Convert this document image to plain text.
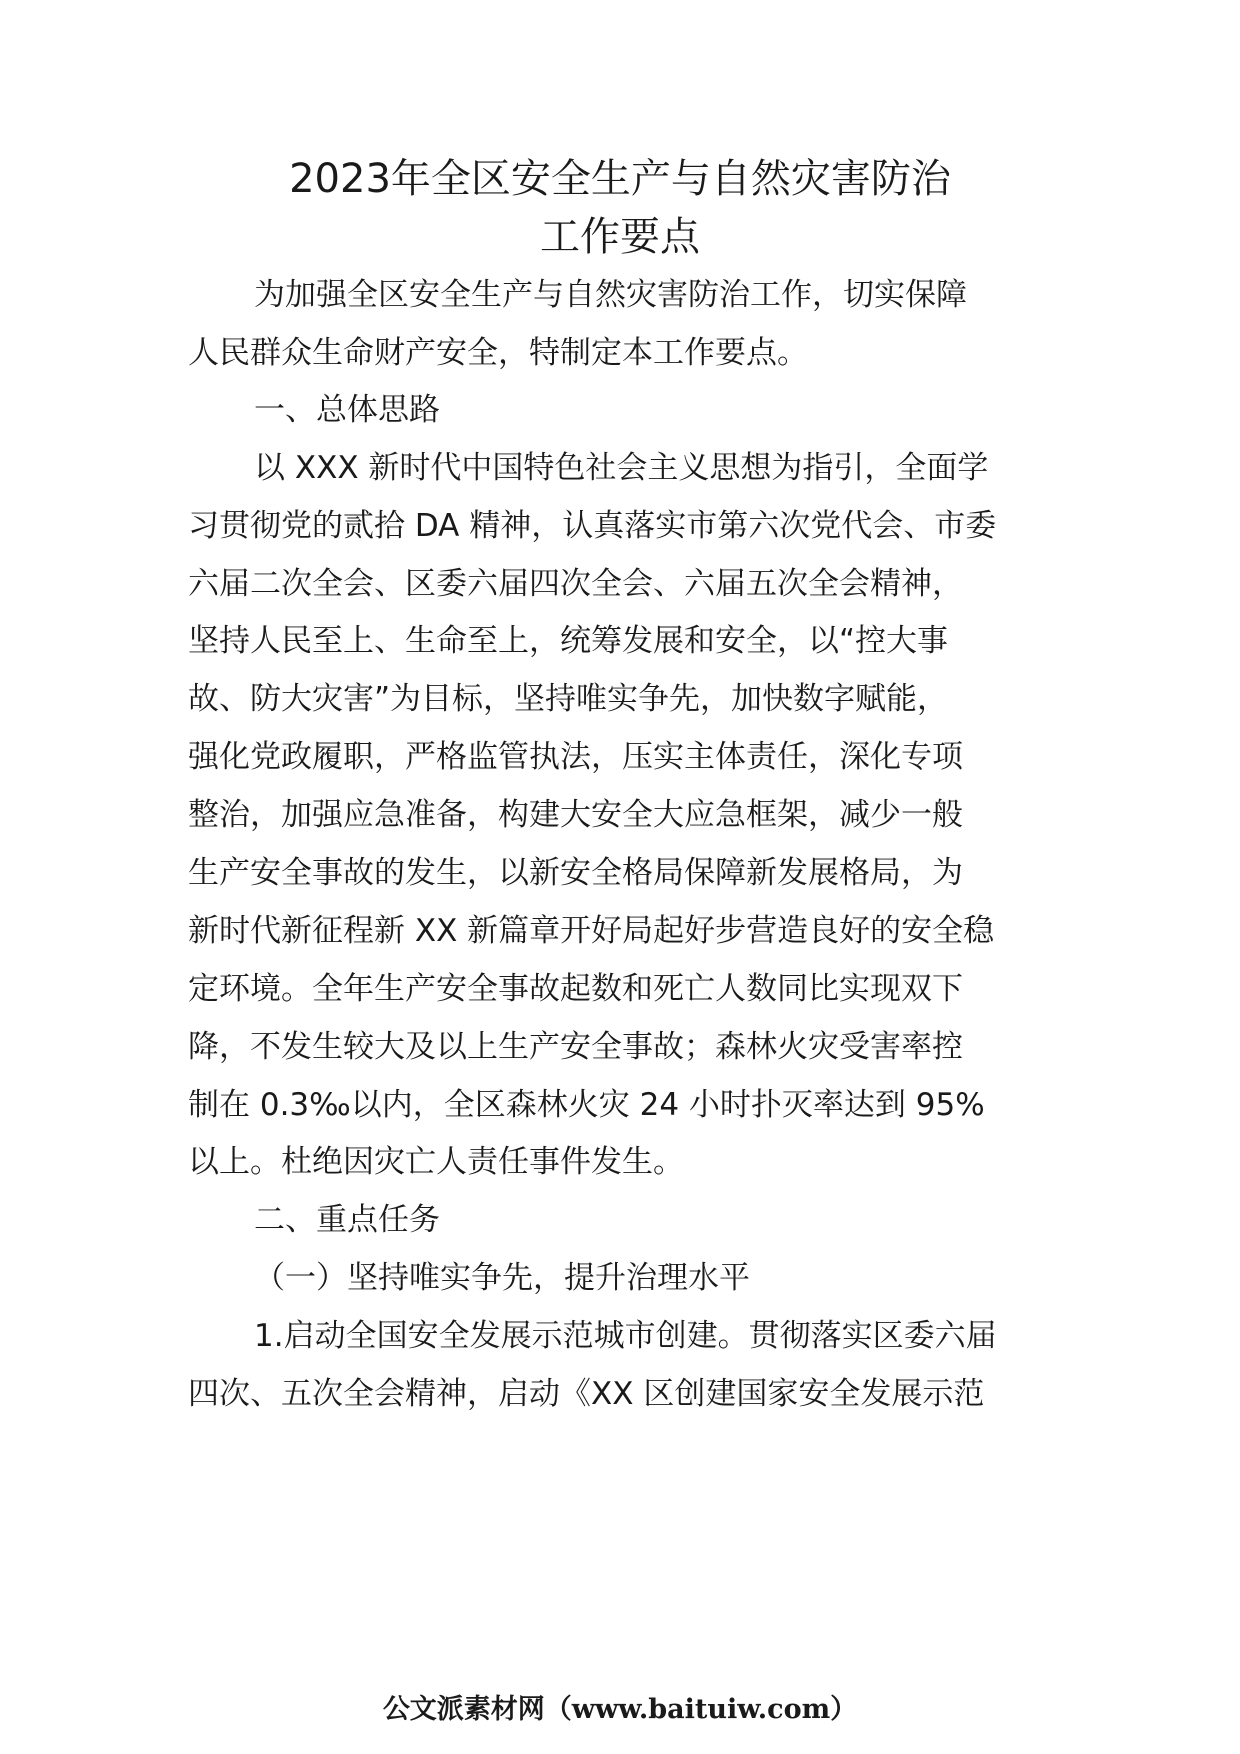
2023年全区安全生产与自然灾害防治
工作要点

为加强全区安全生产与自然灾害防治工作，切实保障

人民群众生命财产安全，特制定本工作要点。

一、总体思路

以 XXX 新时代中国特色社会主义思想为指引，全面学

习贯彻党的贰拾 DA 精神，认真落实市第六次党代会、市委

六届二次全会、区委六届四次全会、六届五次全会精神，

坚持人民至上、生命至上，统筹发展和安全，以“控大事

故、防大灾害”为目标，坚持唯实争先，加快数字赋能，

强化党政履职，严格监管执法，压实主体责任，深化专项

整治，加强应急准备，构建大安全大应急框架，减少一般

生产安全事故的发生，以新安全格局保障新发展格局，为

新时代新征程新 XX 新篇章开好局起好步营造良好的安全稳

定环境。全年生产安全事故起数和死亡人数同比实现双下

降，不发生较大及以上生产安全事故；森林火灾受害率控

制在 0.3‰以内，全区森林火灾 24 小时扑灭率达到 95%

以上。杜绝因灾亡人责任事件发生。

二、重点任务

（一）坚持唯实争先，提升治理水平

1.启动全国安全发展示范城市创建。贯彻落实区委六届

四次、五次全会精神，启动《XX 区创建国家安全发展示范

公文派素材网（www.baituiw.com）
